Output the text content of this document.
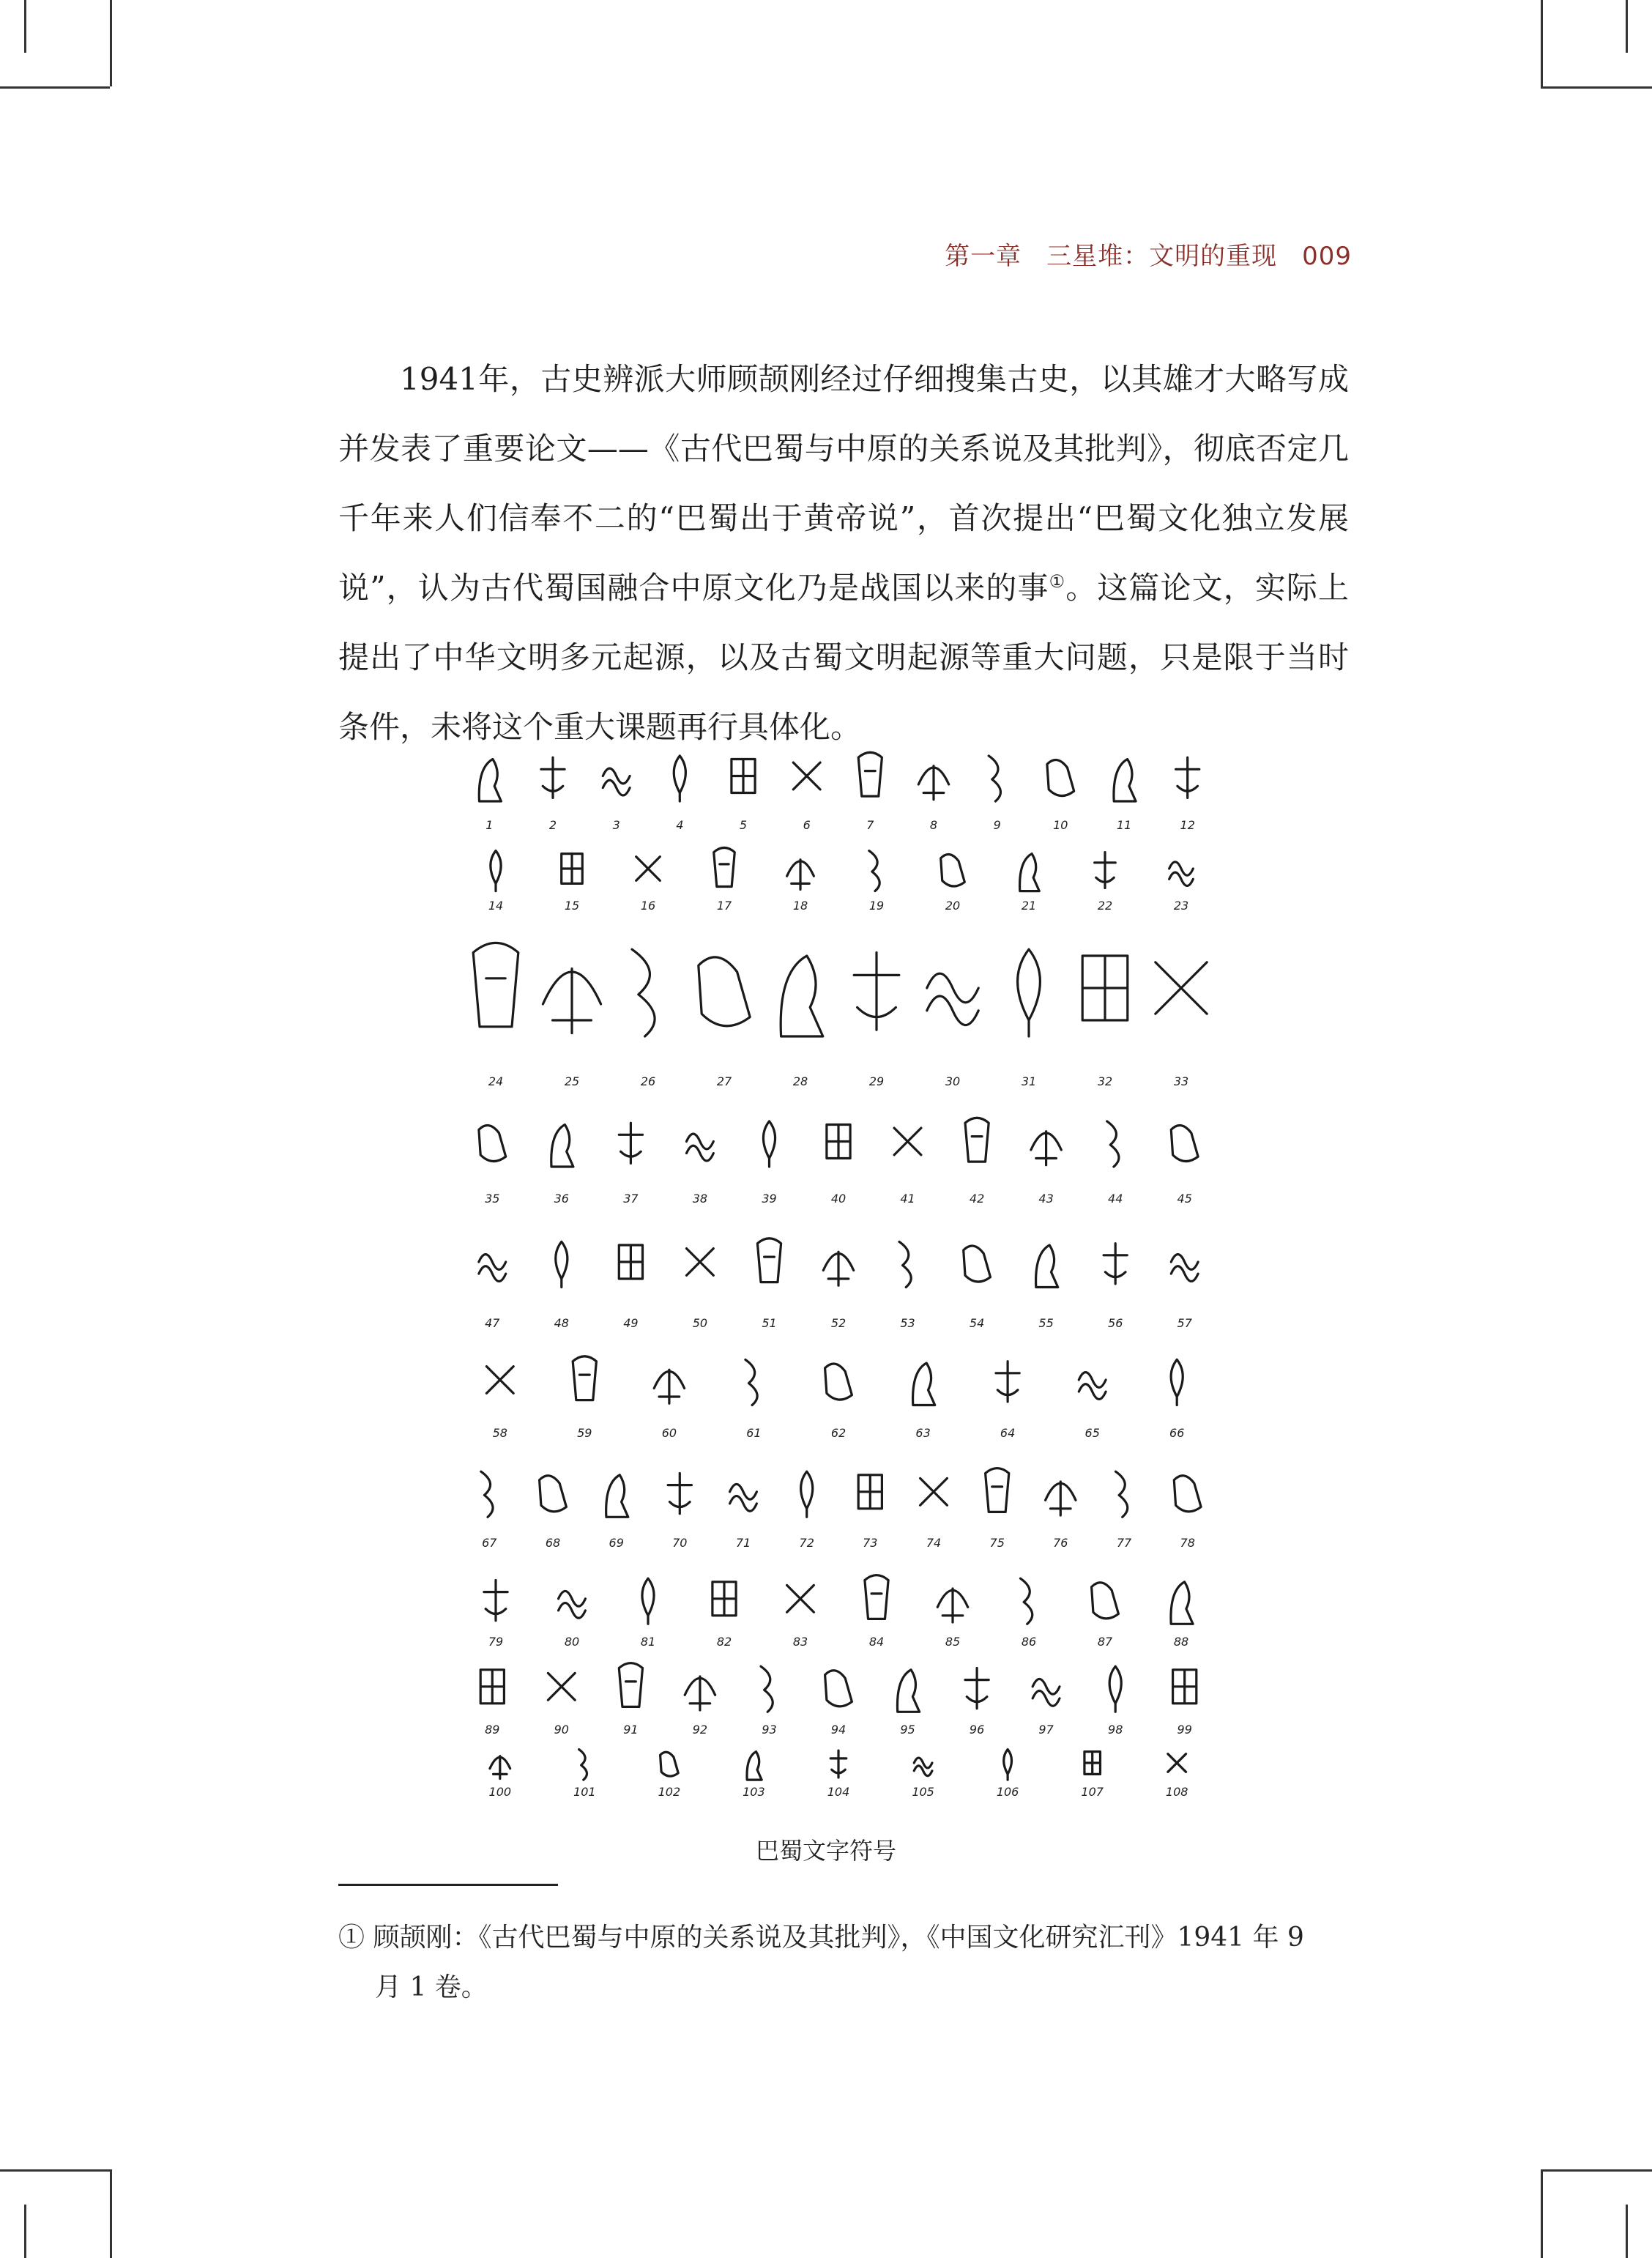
第一章 三星堆：文明的重现 009

1941年，古史辨派大师顾颉刚经过仔细搜集古史，以其雄才大略写成并发表了重要论文——《古代巴蜀与中原的关系说及其批判》，彻底否定几千年来人们信奉不二的“巴蜀出于黄帝说”，首次提出“巴蜀文化独立发展说”，认为古代蜀国融合中原文化乃是战国以来的事①。这篇论文，实际上提出了中华文明多元起源，以及古蜀文明起源等重大问题，只是限于当时条件，未将这个重大课题再行具体化。

1	2	3	4	5	6	7	8	9	10	11	12
14	15	16	17	18	19	20	21	22	23
24	25	26	27	28	29	30	31	32	33
35	36	37	38	39	40	41	42	43	44	45
47	48	49	50	51	52	53	54	55	56	57
58	59	60	61	62	63	64	65	66
67	68	69	70	71	72	73	74	75	76	77	78
79	80	81	82	83	84	85	86	87	88
89	90	91	92	93	94	95	96	97	98	99
100	101	102	103	104	105	106	107	108
巴蜀文字符号
① 顾颉刚：《古代巴蜀与中原的关系说及其批判》，《中国文化研究汇刊》1941 年 9
月 1 卷。
